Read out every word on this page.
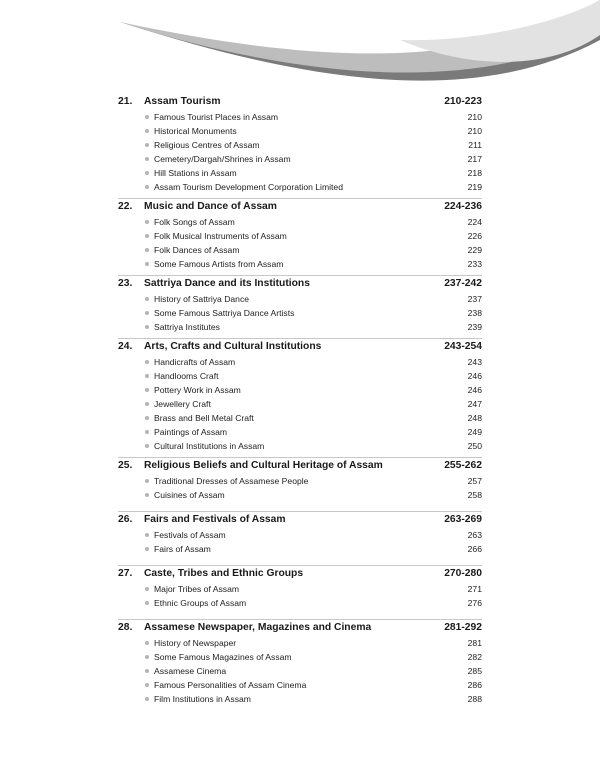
21.	Assam Tourism	210-223
Famous Tourist Places in Assam	210
Historical Monuments	210
Religious Centres of Assam	211
Cemetery/Dargah/Shrines in Assam	217
Hill Stations in Assam	218
Assam Tourism Development Corporation Limited	219
22.	Music and Dance of Assam	224-236
Folk Songs of Assam	224
Folk Musical Instruments of Assam	226
Folk Dances of Assam	229
Some Famous Artists from Assam	233
23.	Sattriya Dance and its Institutions	237-242
History of Sattriya Dance	237
Some Famous Sattriya Dance Artists	238
Sattriya Institutes	239
24.	Arts, Crafts and Cultural Institutions	243-254
Handicrafts of Assam	243
Handlooms Craft	246
Pottery Work in Assam	246
Jewellery Craft	247
Brass and Bell Metal Craft	248
Paintings of Assam	249
Cultural Institutions in Assam	250
25.	Religious Beliefs and Cultural Heritage of Assam	255-262
Traditional Dresses of Assamese People	257
Cuisines of Assam	258
26.	Fairs and Festivals of Assam	263-269
Festivals of Assam	263
Fairs of Assam	266
27.	Caste, Tribes and Ethnic Groups	270-280
Major Tribes of Assam	271
Ethnic Groups of Assam	276
28.	Assamese Newspaper, Magazines and Cinema	281-292
History of Newspaper	281
Some Famous Magazines of Assam	282
Assamese Cinema	285
Famous Personalities of Assam Cinema	286
Film Institutions in Assam	288
